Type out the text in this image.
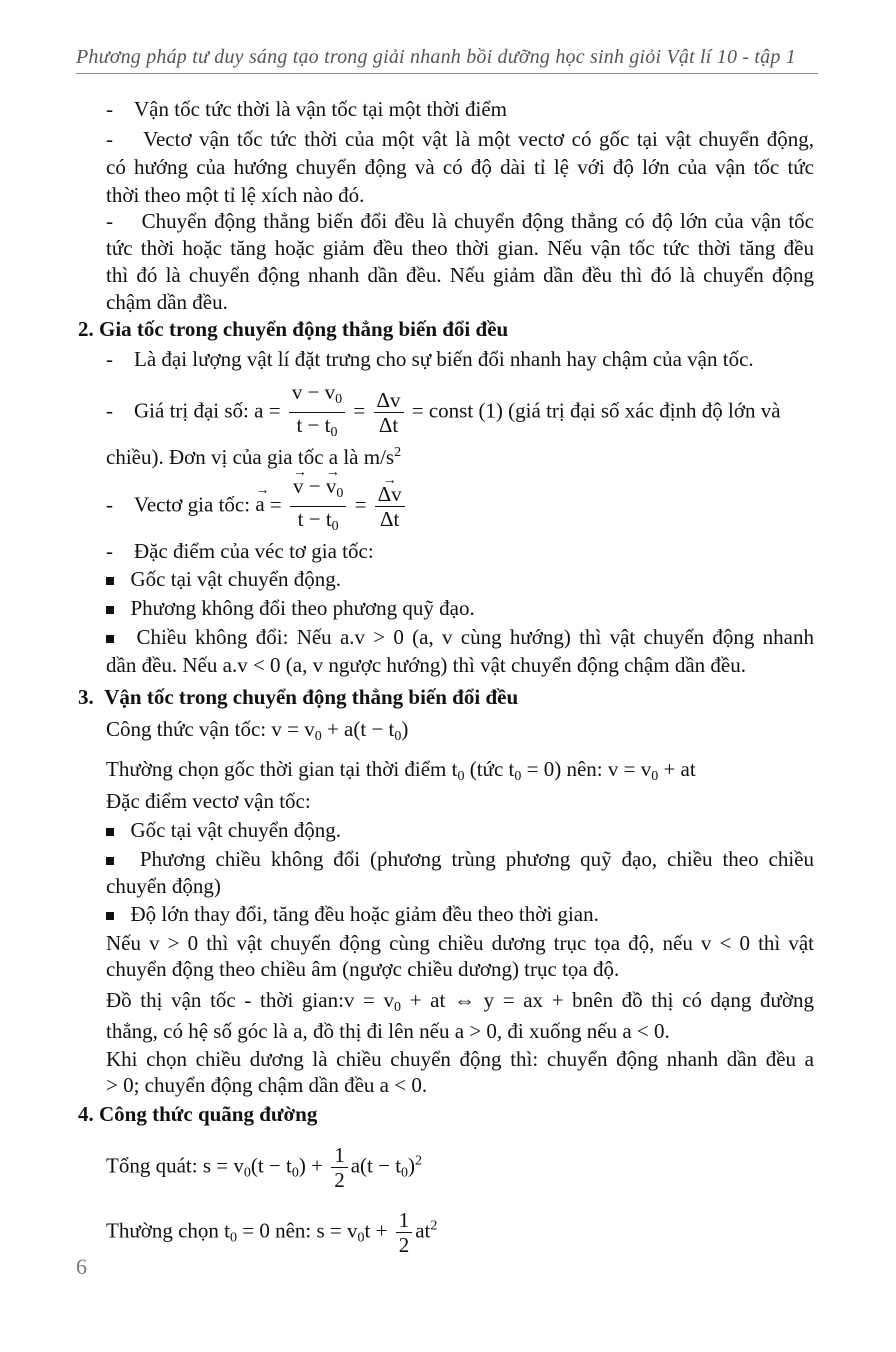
Phương pháp tư duy sáng tạo trong giải nhanh bồi dưỡng học sinh giỏi Vật lí 10 - tập 1
-    Vận tốc tức thời là vận tốc tại một thời điểm
-    Vectơ vận tốc tức thời của một vật là một vectơ có gốc tại vật chuyển động,
có hướng của hướng chuyển động và có độ dài tỉ lệ với độ lớn của vận tốc tức
thời theo một tỉ lệ xích nào đó.
-    Chuyển động thẳng biến đổi đều là chuyển động thẳng có độ lớn của vận tốc
tức thời hoặc tăng hoặc giảm đều theo thời gian. Nếu vận tốc tức thời tăng đều
thì đó là chuyển động nhanh dần đều. Nếu giảm dần đều thì đó là chuyển động
chậm dần đều.
2. Gia tốc trong chuyển động thẳng biến đổi đều
-    Là đại lượng vật lí đặt trưng cho sự biến đổi nhanh hay chậm của vận tốc.
-    Giá trị đại số: $a = \frac{v - v_0}{t - t_0} = \frac{\Delta v}{\Delta t}$ = const (1) (giá trị đại số xác định độ lớn và
chiều). Đơn vị của gia tốc a là $m/s^2$
-    Vectơ gia tốc: → a = → $\frac{v - \to v_0}{t - t_0}$ = → $\frac{\Delta v}{\Delta t}$
-    Đặc điểm của véc tơ gia tốc:
Gốc tại vật chuyển động.
Phương không đổi theo phương quỹ đạo.
Chiều không đổi: Nếu a.v > 0 (a, v cùng hướng) thì vật chuyển động nhanh
dần đều. Nếu a.v < 0 (a, v ngược hướng) thì vật chuyển động chậm dần đều.
3.  Vận tốc trong chuyển động thẳng biến đổi đều
Công thức vận tốc: $v = v_0 + a(t - t_0)$
Thường chọn gốc thời gian tại thời điểm $t_0$ (tức $t_0 = 0$) nên: $v = v_0$ + at
Đặc điểm vectơ vận tốc:
Gốc tại vật chuyển động.
Phương chiều không đổi (phương trùng phương quỹ đạo, chiều theo chiều
chuyển động)
Độ lớn thay đổi, tăng đều hoặc giảm đều theo thời gian.
Nếu v > 0 thì vật chuyển động cùng chiều dương trục tọa độ, nếu v < 0 thì vật
chuyển động theo chiều âm (ngược chiều dương) trục tọa độ.
Đồ thị vận tốc - thời gian:v = $v_0$ + at ⇔ y = ax + bnên đồ thị có dạng đường
thẳng, có hệ số góc là a, đồ thị đi lên nếu a > 0, đi xuống nếu a < 0.
Khi chọn chiều dương là chiều chuyển động thì: chuyển động nhanh dần đều a
> 0; chuyển động chậm dần đều a < 0.
4. Công thức quãng đường
Tổng quát: $s = v_0(t - t_0) + \frac{1}{2} a(t - t_0)^2$
Thường chọn $t_0 = 0$ nên: $s = v_0t + \frac{1}{2} at^2$
6
